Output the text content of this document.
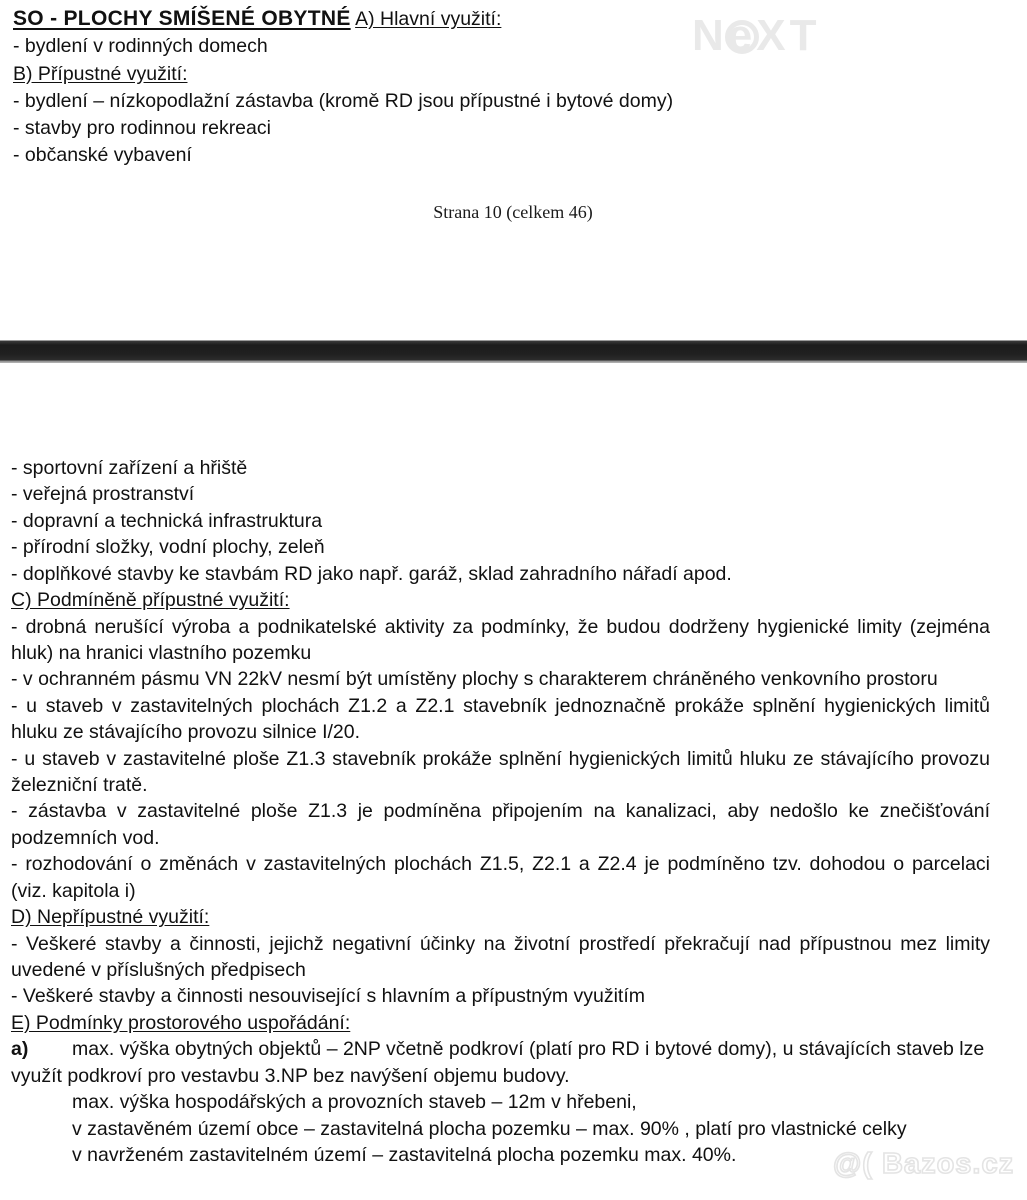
Ne
XT
SO - PLOCHY SMÍŠENÉ OBYTNÉ A) Hlavní využití:
- bydlení v rodinných domech
B) Přípustné využití:
- bydlení – nízkopodlažní zástavba (kromě RD jsou přípustné i bytové domy)
- stavby pro rodinnou rekreaci
- občanské vybavení
Strana 10 (celkem 46)
- sportovní zařízení a hřiště
- veřejná prostranství
- dopravní a technická infrastruktura
- přírodní složky, vodní plochy, zeleň
- doplňkové stavby ke stavbám RD jako např. garáž, sklad zahradního nářadí apod.
C) Podmíněně přípustné využití:
- drobná nerušící výroba a podnikatelské aktivity za podmínky, že budou dodrženy hygienické limity (zejména hluk) na hranici vlastního pozemku
- v ochranném pásmu VN 22kV nesmí být umístěny plochy s charakterem chráněného venkovního prostoru
- u staveb v zastavitelných plochách Z1.2 a Z2.1 stavebník jednoznačně prokáže splnění hygienických limitů hluku ze stávajícího provozu silnice I/20.
- u staveb v zastavitelné ploše Z1.3 stavebník prokáže splnění hygienických limitů hluku ze stávajícího provozu železniční tratě.
- zástavba v zastavitelné ploše Z1.3 je podmíněna připojením na kanalizaci, aby nedošlo ke znečišťování podzemních vod.
- rozhodování o změnách v zastavitelných plochách Z1.5, Z2.1 a Z2.4 je podmíněno tzv. dohodou o parcelaci (viz. kapitola i)
D) Nepřípustné využití:
- Veškeré stavby a činnosti, jejichž negativní účinky na životní prostředí překračují nad přípustnou mez limity uvedené v příslušných předpisech
- Veškeré stavby a činnosti nesouvisející s hlavním a přípustným využitím
E) Podmínky prostorového uspořádání:
a) max. výška obytných objektů – 2NP včetně podkroví (platí pro RD i bytové domy), u stávajících staveb lze využít podkroví pro vestavbu 3.NP bez navýšení objemu budovy.
max. výška hospodářských a provozních staveb – 12m v hřebeni,
v zastavěném území obce – zastavitelná plocha pozemku – max. 90% , platí pro vlastnické celky
v navrženém zastavitelném území – zastavitelná plocha pozemku max. 40%.	@( Bazos.cz
